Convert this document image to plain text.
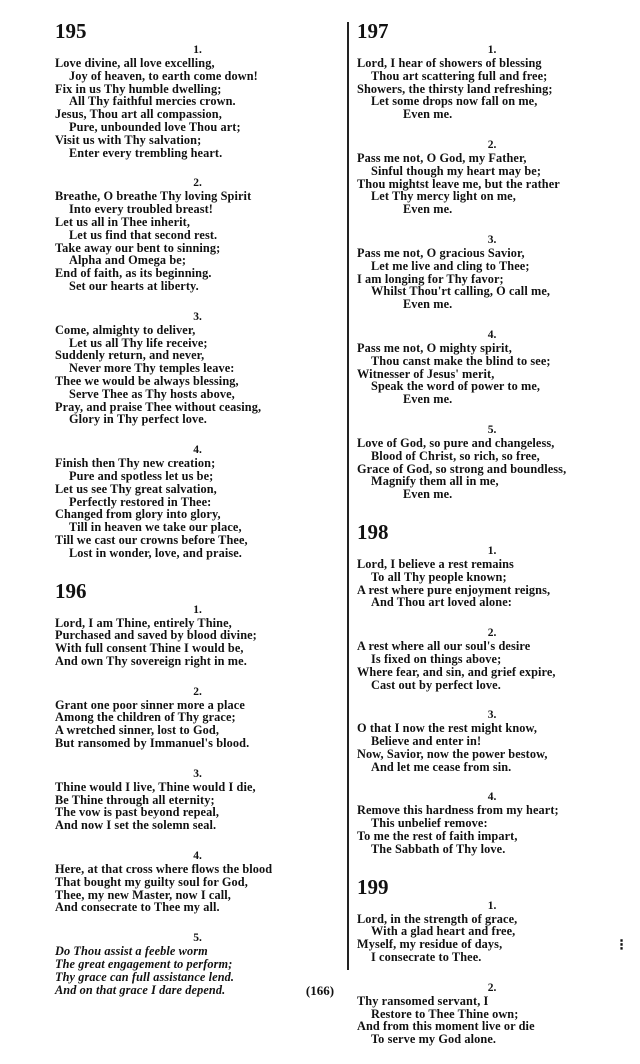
195
1.
Love divine, all love excelling,
Joy of heaven, to earth come down!
Fix in us Thy humble dwelling;
All Thy faithful mercies crown.
Jesus, Thou art all compassion,
Pure, unbounded love Thou art;
Visit us with Thy salvation;
Enter every trembling heart.
2.
Breathe, O breathe Thy loving Spirit
Into every troubled breast!
Let us all in Thee inherit,
Let us find that second rest.
Take away our bent to sinning;
Alpha and Omega be;
End of faith, as its beginning.
Set our hearts at liberty.
3.
Come, almighty to deliver,
Let us all Thy life receive;
Suddenly return, and never,
Never more Thy temples leave:
Thee we would be always blessing,
Serve Thee as Thy hosts above,
Pray, and praise Thee without ceasing,
Glory in Thy perfect love.
4.
Finish then Thy new creation;
Pure and spotless let us be;
Let us see Thy great salvation,
Perfectly restored in Thee:
Changed from glory into glory,
Till in heaven we take our place,
Till we cast our crowns before Thee,
Lost in wonder, love, and praise.
196
1.
Lord, I am Thine, entirely Thine,
Purchased and saved by blood divine;
With full consent Thine I would be,
And own Thy sovereign right in me.
2.
Grant one poor sinner more a place
Among the children of Thy grace;
A wretched sinner, lost to God,
But ransomed by Immanuel's blood.
3.
Thine would I live, Thine would I die,
Be Thine through all eternity;
The vow is past beyond repeal,
And now I set the solemn seal.
4.
Here, at that cross where flows the blood
That bought my guilty soul for God,
Thee, my new Master, now I call,
And consecrate to Thee my all.
5.
Do Thou assist a feeble worm
The great engagement to perform;
Thy grace can full assistance lend.
And on that grace I dare depend.
197
1.
Lord, I hear of showers of blessing
Thou art scattering full and free;
Showers, the thirsty land refreshing;
Let some drops now fall on me,
Even me.
2.
Pass me not, O God, my Father,
Sinful though my heart may be;
Thou mightst leave me, but the rather
Let Thy mercy light on me,
Even me.
3.
Pass me not, O gracious Savior,
Let me live and cling to Thee;
I am longing for Thy favor;
Whilst Thou'rt calling, O call me,
Even me.
4.
Pass me not, O mighty spirit,
Thou canst make the blind to see;
Witnesser of Jesus' merit,
Speak the word of power to me,
Even me.
5.
Love of God, so pure and changeless,
Blood of Christ, so rich, so free,
Grace of God, so strong and boundless,
Magnify them all in me,
Even me.
198
1.
Lord, I believe a rest remains
To all Thy people known;
A rest where pure enjoyment reigns,
And Thou art loved alone:
2.
A rest where all our soul's desire
Is fixed on things above;
Where fear, and sin, and grief expire,
Cast out by perfect love.
3.
O that I now the rest might know,
Believe and enter in!
Now, Savior, now the power bestow,
And let me cease from sin.
4.
Remove this hardness from my heart;
This unbelief remove:
To me the rest of faith impart,
The Sabbath of Thy love.
199
1.
Lord, in the strength of grace,
With a glad heart and free,
Myself, my residue of days,
I consecrate to Thee.
2.
Thy ransomed servant, I
Restore to Thee Thine own;
And from this moment live or die
To serve my God alone.
(166)
⁝
